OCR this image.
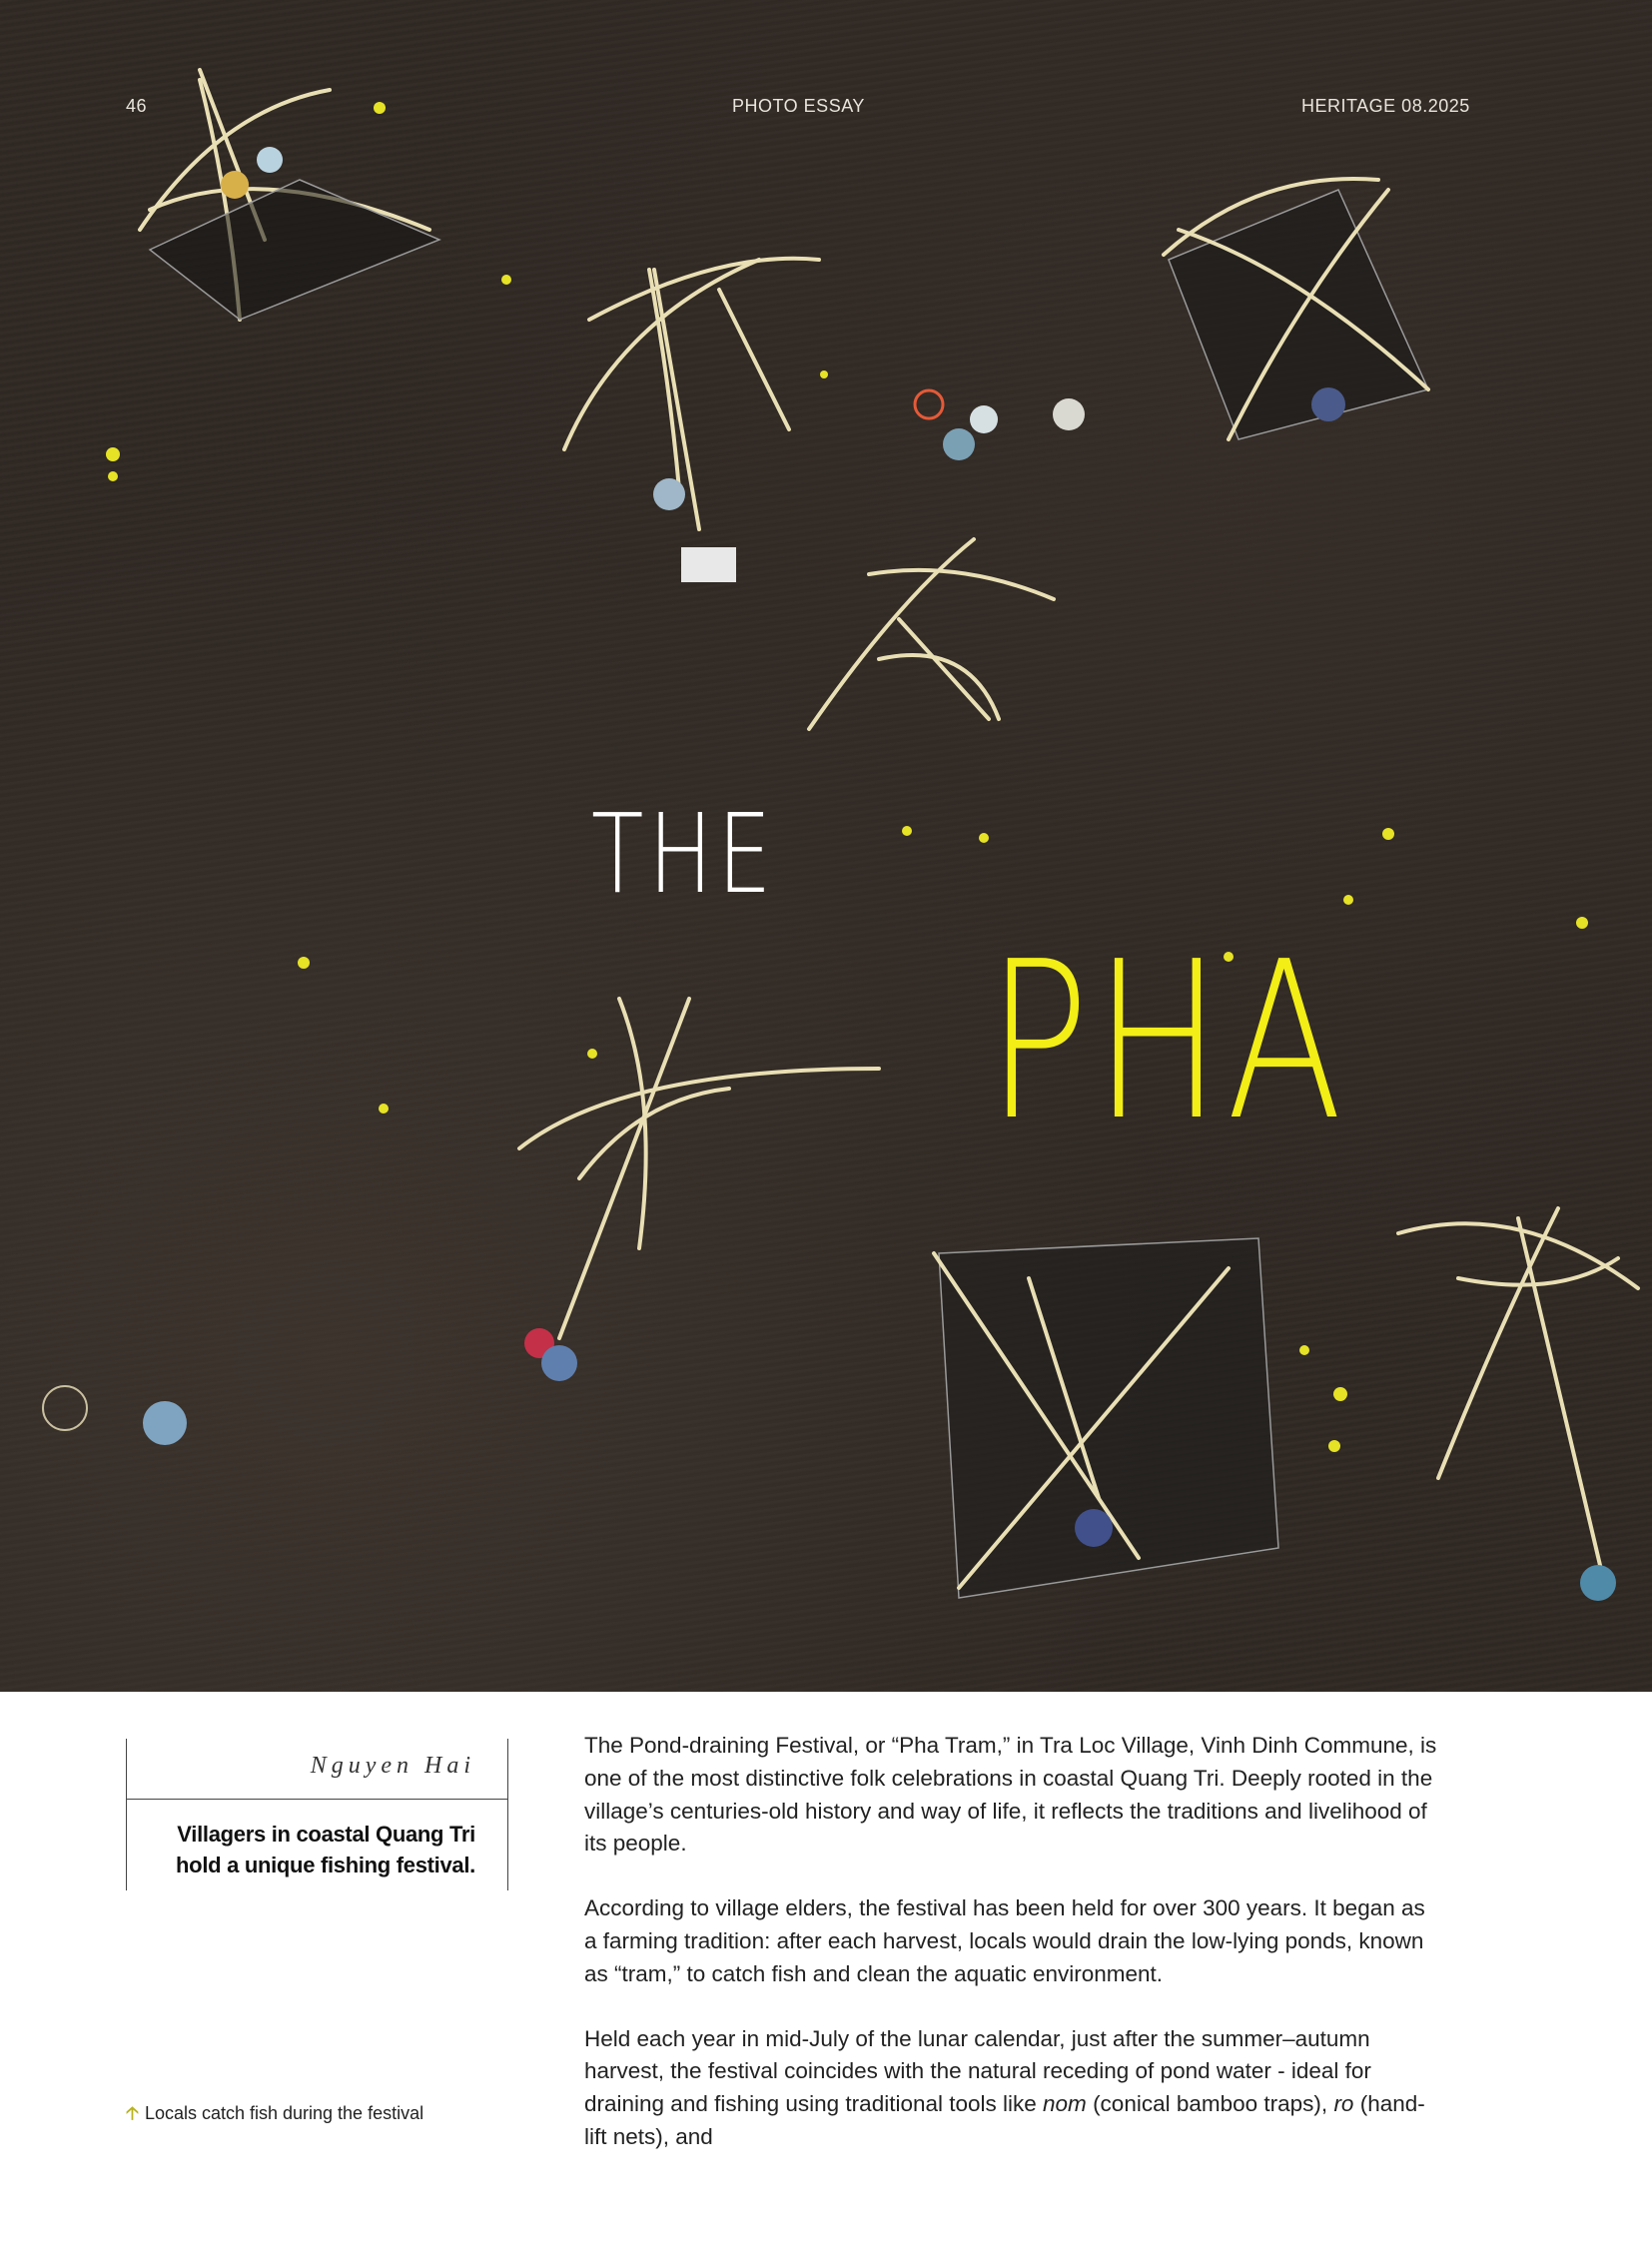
46	PHOTO ESSAY	HERITAGE 08.2025
THE
PHA
Nguyen Hai
Villagers in coastal Quang Tri hold a unique fishing festival.
🡡 Locals catch fish during the festival

The Pond-draining Festival, or “Pha Tram,” in Tra Loc Village, Vinh Dinh Commune, is one of the most distinctive folk celebrations in coastal Quang Tri. Deeply rooted in the village’s centuries-old history and way of life, it reflects the traditions and livelihood of its people.

According to village elders, the festival has been held for over 300 years. It began as a farming tradition: after each harvest, locals would drain the low-lying ponds, known as “tram,” to catch fish and clean the aquatic environment.

Held each year in mid-July of the lunar calendar, just after the summer–autumn harvest, the festival coincides with the natural receding of pond water - ideal for draining and fishing using traditional tools like nom (conical bamboo traps), ro (hand-lift nets), and
